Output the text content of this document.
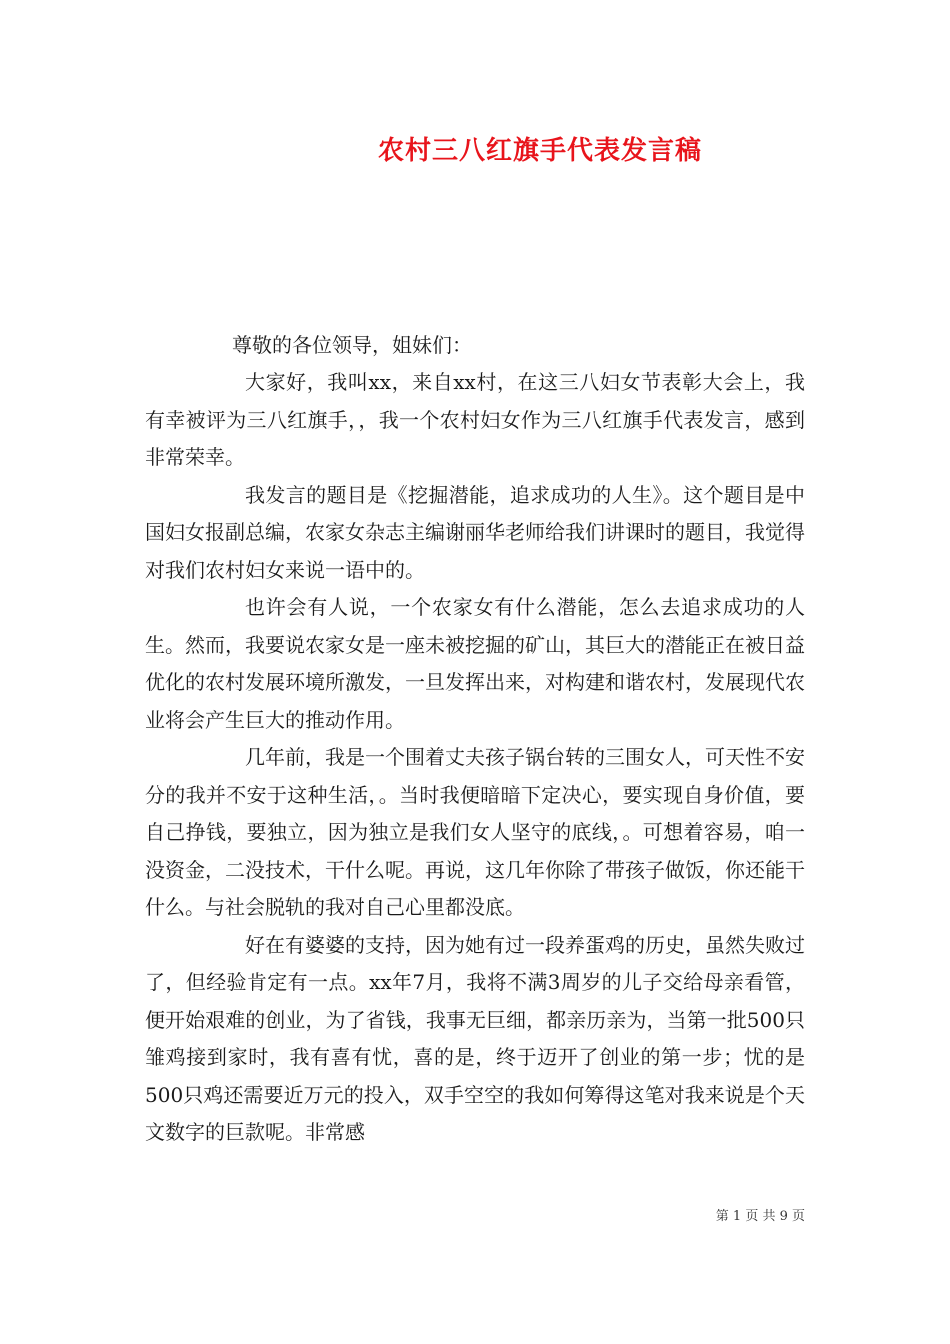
农村三八红旗手代表发言稿
尊敬的各位领导，姐妹们：

大家好，我叫xx，来自xx村，在这三八妇女节表彰大会上，我有幸被评为三八红旗手，，我一个农村妇女作为三八红旗手代表发言，感到非常荣幸。

我发言的题目是《挖掘潜能，追求成功的人生》。这个题目是中国妇女报副总编，农家女杂志主编谢丽华老师给我们讲课时的题目，我觉得对我们农村妇女来说一语中的。

也许会有人说，一个农家女有什么潜能，怎么去追求成功的人生。然而，我要说农家女是一座未被挖掘的矿山，其巨大的潜能正在被日益优化的农村发展环境所激发，一旦发挥出来，对构建和谐农村，发展现代农业将会产生巨大的推动作用。

几年前，我是一个围着丈夫孩子锅台转的三围女人，可天性不安分的我并不安于这种生活，。当时我便暗暗下定决心，要实现自身价值，要自己挣钱，要独立，因为独立是我们女人坚守的底线，。可想着容易，咱一没资金，二没技术，干什么呢。再说，这几年你除了带孩子做饭，你还能干什么。与社会脱轨的我对自己心里都没底。

好在有婆婆的支持，因为她有过一段养蛋鸡的历史，虽然失败过了，但经验肯定有一点。xx年7月，我将不满3周岁的儿子交给母亲看管，便开始艰难的创业，为了省钱，我事无巨细，都亲历亲为，当第一批500只雏鸡接到家时，我有喜有忧，喜的是，终于迈开了创业的第一步；忧的是500只鸡还需要近万元的投入，双手空空的我如何筹得这笔对我来说是个天文数字的巨款呢。非常感

第 1 页 共 9 页
